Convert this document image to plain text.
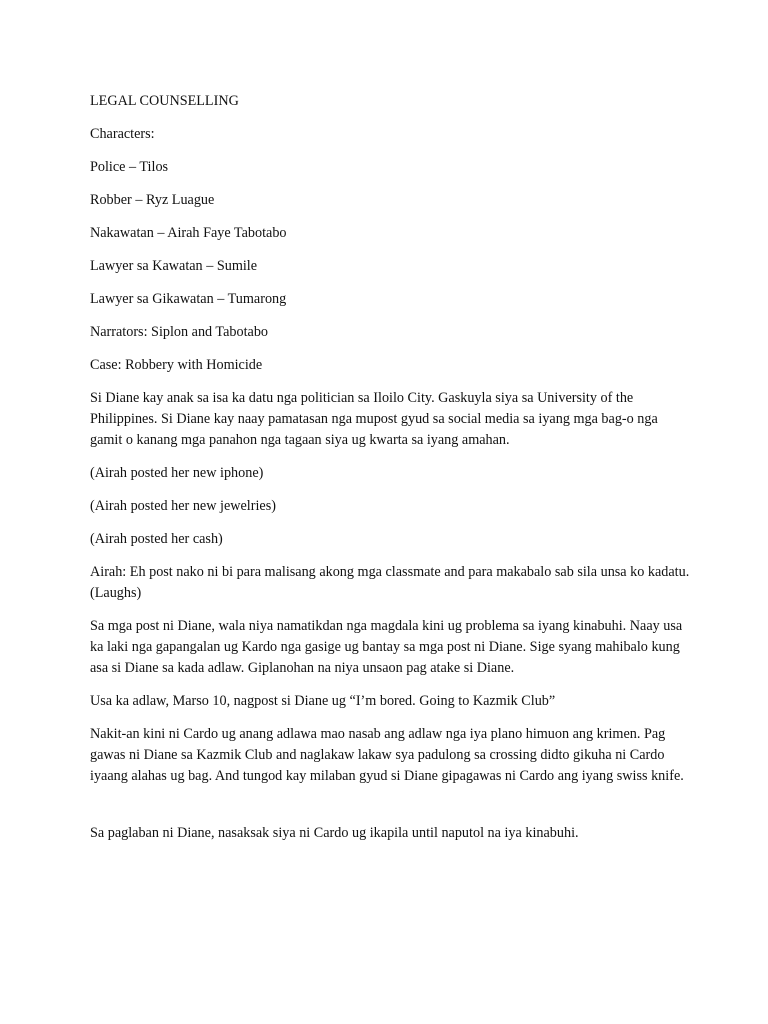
LEGAL COUNSELLING

Characters:

Police – Tilos

Robber – Ryz Luague

Nakawatan – Airah Faye Tabotabo

Lawyer sa Kawatan – Sumile

Lawyer sa Gikawatan – Tumarong

Narrators: Siplon and Tabotabo

Case: Robbery with Homicide

Si Diane kay anak sa isa ka datu nga politician sa Iloilo City. Gaskuyla siya sa University of the Philippines. Si Diane kay naay pamatasan nga mupost gyud sa social media sa iyang mga bag-o nga gamit o kanang mga panahon nga tagaan siya ug kwarta sa iyang amahan.

(Airah posted her new iphone)

(Airah posted her new jewelries)

(Airah posted her cash)

Airah: Eh post nako ni bi para malisang akong mga classmate and para makabalo sab sila unsa ko kadatu. (Laughs)

Sa mga post ni Diane, wala niya namatikdan nga magdala kini ug problema sa iyang kinabuhi. Naay usa ka laki nga gapangalan ug Kardo nga gasige ug bantay sa mga post ni Diane. Sige syang mahibalo kung asa si Diane sa kada adlaw. Giplanohan na niya unsaon pag atake si Diane.

Usa ka adlaw, Marso 10, nagpost si Diane ug “I’m bored. Going to Kazmik Club”

Nakit-an kini ni Cardo ug anang adlawa mao nasab ang adlaw nga iya plano himuon ang krimen. Pag gawas ni Diane sa Kazmik Club and naglakaw lakaw sya padulong sa crossing didto gikuha ni Cardo iyaang alahas ug bag. And tungod kay milaban gyud si Diane gipagawas ni Cardo ang iyang swiss knife.

Sa paglaban ni Diane, nasaksak siya ni Cardo ug ikapila until naputol na iya kinabuhi.
